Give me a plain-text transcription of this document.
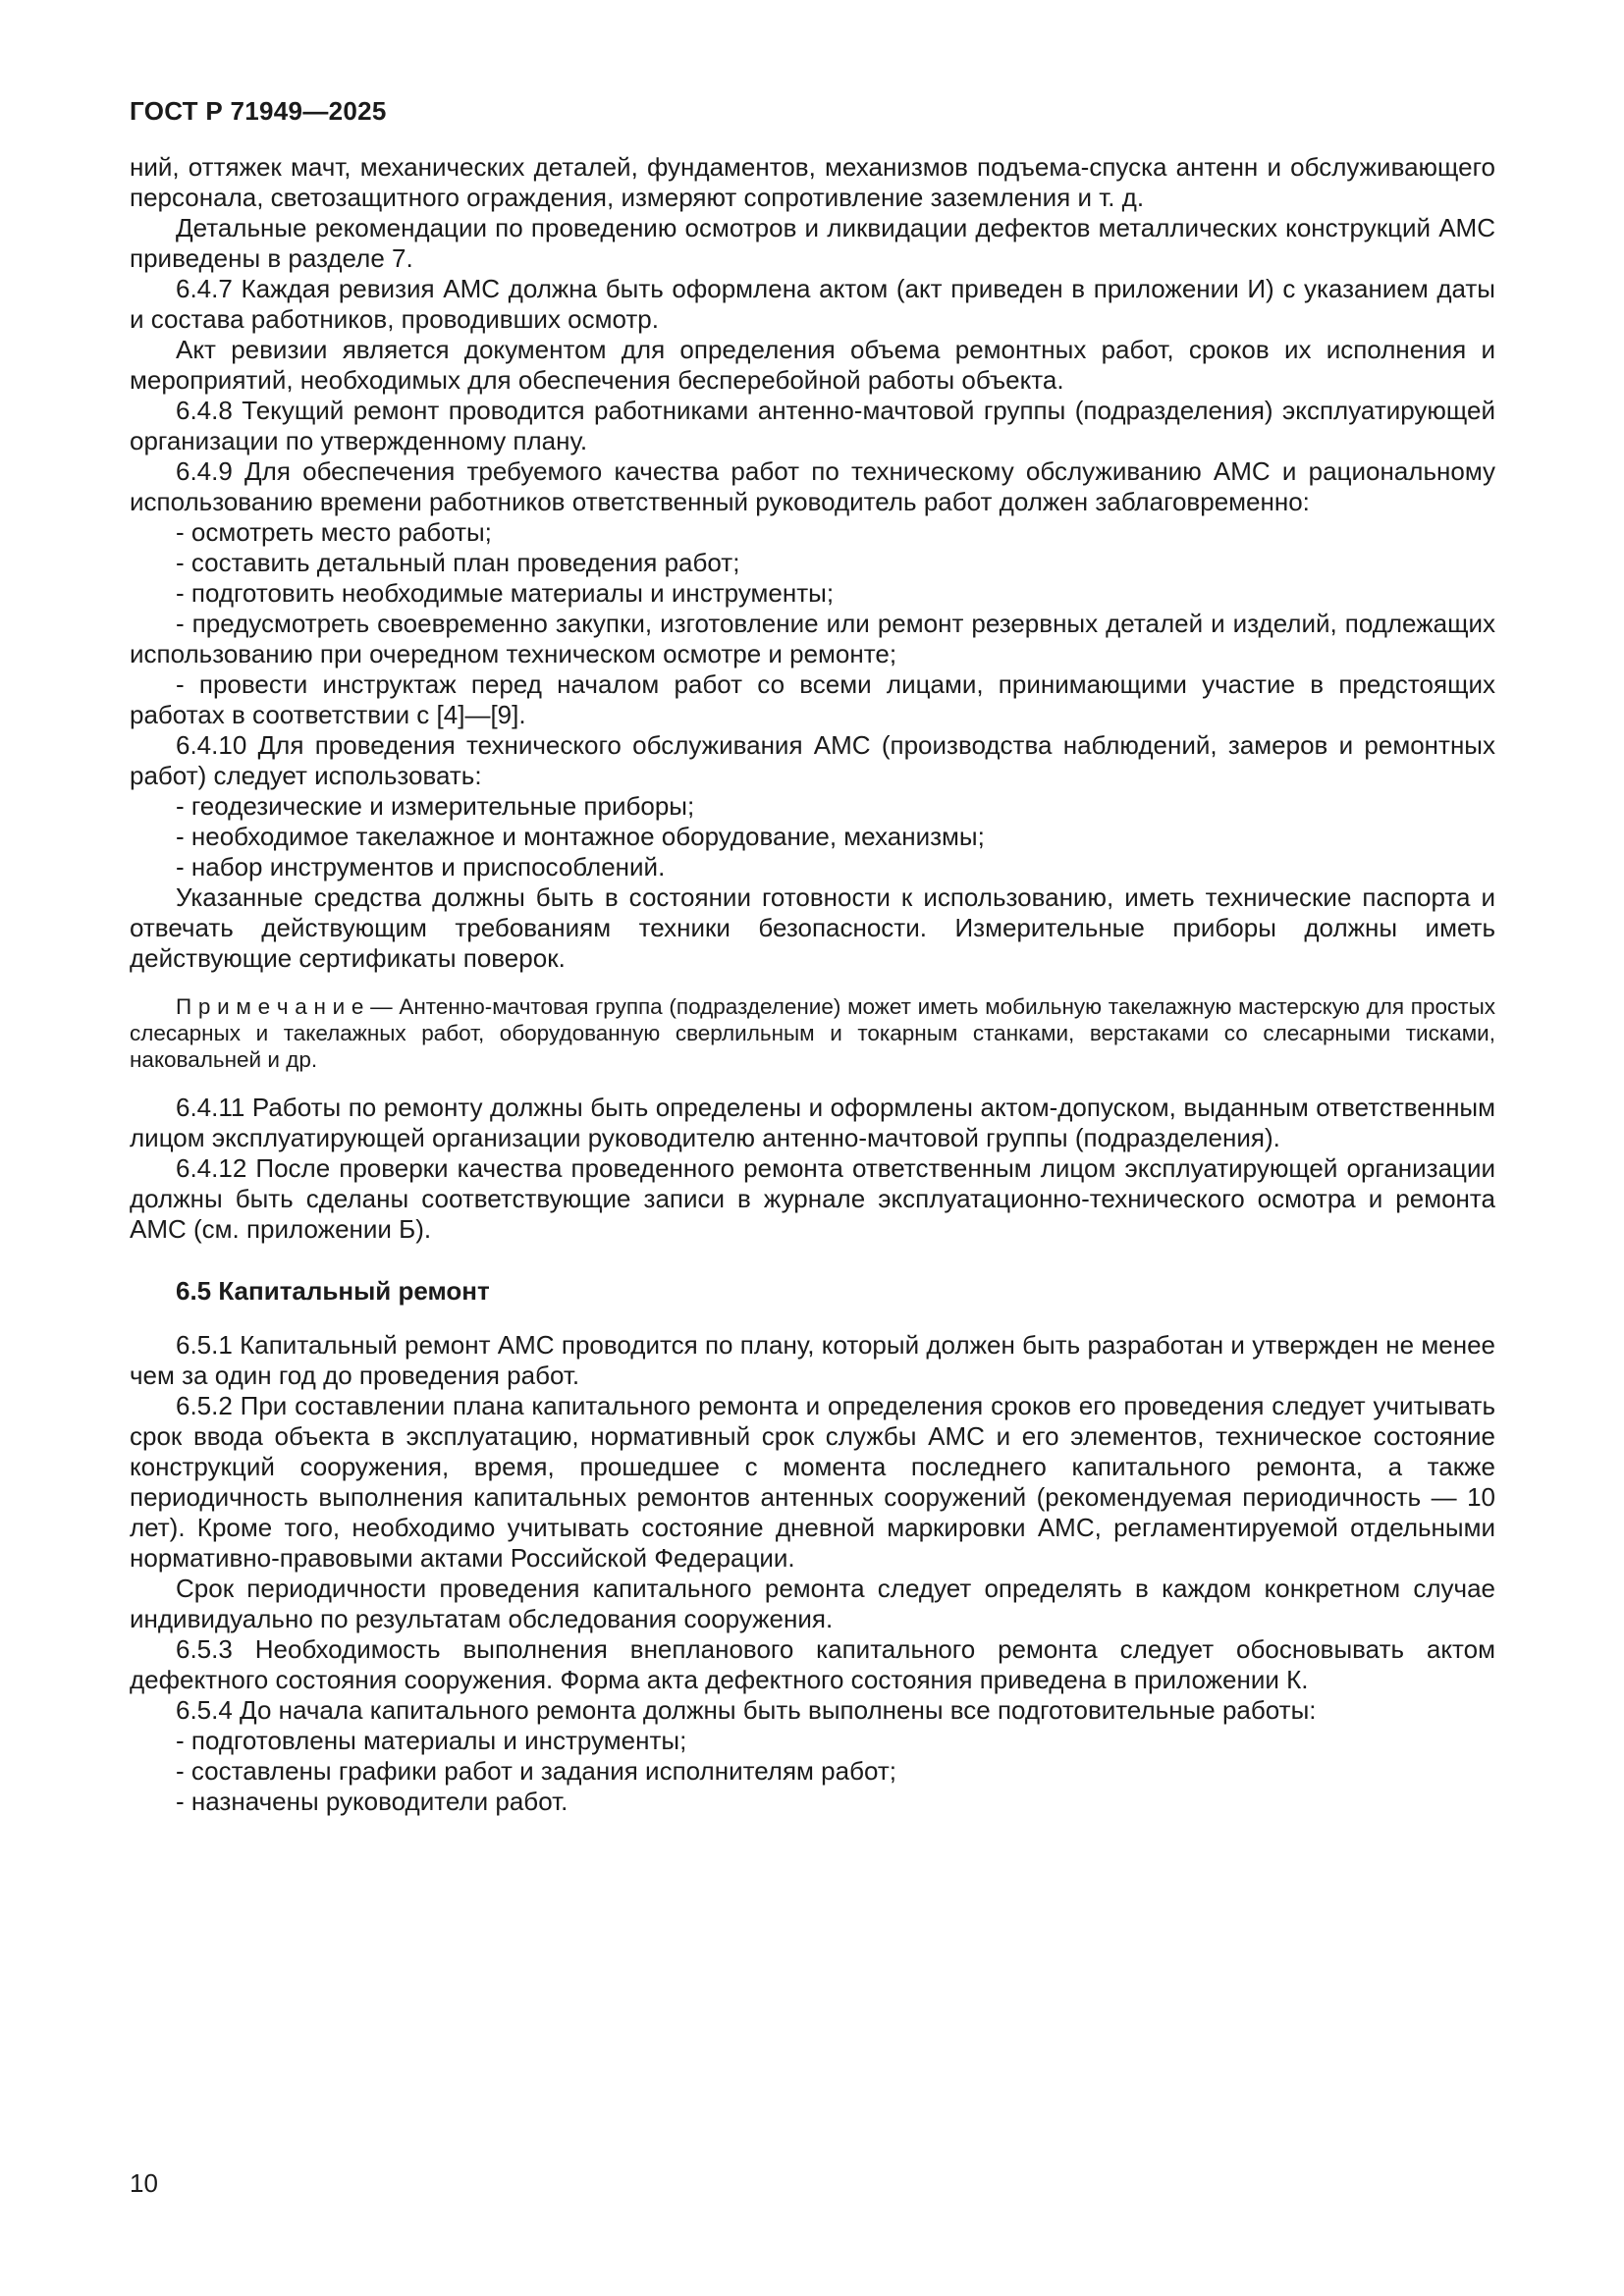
ГОСТ Р 71949—2025

ний, оттяжек мачт, механических деталей, фундаментов, механизмов подъема-спуска антенн и обслуживающего персонала, светозащитного ограждения, измеряют сопротивление заземления и т. д.

Детальные рекомендации по проведению осмотров и ликвидации дефектов металлических конструкций АМС приведены в разделе 7.

6.4.7 Каждая ревизия АМС должна быть оформлена актом (акт приведен в приложении И) с указанием даты и состава работников, проводивших осмотр.

Акт ревизии является документом для определения объема ремонтных работ, сроков их исполнения и мероприятий, необходимых для обеспечения бесперебойной работы объекта.

6.4.8 Текущий ремонт проводится работниками антенно-мачтовой группы (подразделения) эксплуатирующей организации по утвержденному плану.

6.4.9 Для обеспечения требуемого качества работ по техническому обслуживанию АМС и рациональному использованию времени работников ответственный руководитель работ должен заблаговременно:

- осмотреть место работы;

- составить детальный план проведения работ;

- подготовить необходимые материалы и инструменты;

- предусмотреть своевременно закупки, изготовление или ремонт резервных деталей и изделий, подлежащих использованию при очередном техническом осмотре и ремонте;

- провести инструктаж перед началом работ со всеми лицами, принимающими участие в предстоящих работах в соответствии с [4]—[9].

6.4.10 Для проведения технического обслуживания АМС (производства наблюдений, замеров и ремонтных работ) следует использовать:

- геодезические и измерительные приборы;

- необходимое такелажное и монтажное оборудование, механизмы;

- набор инструментов и приспособлений.

Указанные средства должны быть в состоянии готовности к использованию, иметь технические паспорта и отвечать действующим требованиям техники безопасности. Измерительные приборы должны иметь действующие сертификаты поверок.

П р и м е ч а н и е — Антенно-мачтовая группа (подразделение) может иметь мобильную такелажную мастерскую для простых слесарных и такелажных работ, оборудованную сверлильным и токарным станками, верстаками со слесарными тисками, наковальней и др.

6.4.11 Работы по ремонту должны быть определены и оформлены актом-допуском, выданным ответственным лицом эксплуатирующей организации руководителю антенно-мачтовой группы (подразделения).

6.4.12 После проверки качества проведенного ремонта ответственным лицом эксплуатирующей организации должны быть сделаны соответствующие записи в журнале эксплуатационно-технического осмотра и ремонта АМС (см. приложении Б).

6.5 Капитальный ремонт

6.5.1 Капитальный ремонт АМС проводится по плану, который должен быть разработан и утвержден не менее чем за один год до проведения работ.

6.5.2 При составлении плана капитального ремонта и определения сроков его проведения следует учитывать срок ввода объекта в эксплуатацию, нормативный срок службы АМС и его элементов, техническое состояние конструкций сооружения, время, прошедшее с момента последнего капитального ремонта, а также периодичность выполнения капитальных ремонтов антенных сооружений (рекомендуемая периодичность — 10 лет). Кроме того, необходимо учитывать состояние дневной маркировки АМС, регламентируемой отдельными нормативно-правовыми актами Российской Федерации.

Срок периодичности проведения капитального ремонта следует определять в каждом конкретном случае индивидуально по результатам обследования сооружения.

6.5.3 Необходимость выполнения внепланового капитального ремонта следует обосновывать актом дефектного состояния сооружения. Форма акта дефектного состояния приведена в приложении К.

6.5.4 До начала капитального ремонта должны быть выполнены все подготовительные работы:

- подготовлены материалы и инструменты;

- составлены графики работ и задания исполнителям работ;

- назначены руководители работ.

10
